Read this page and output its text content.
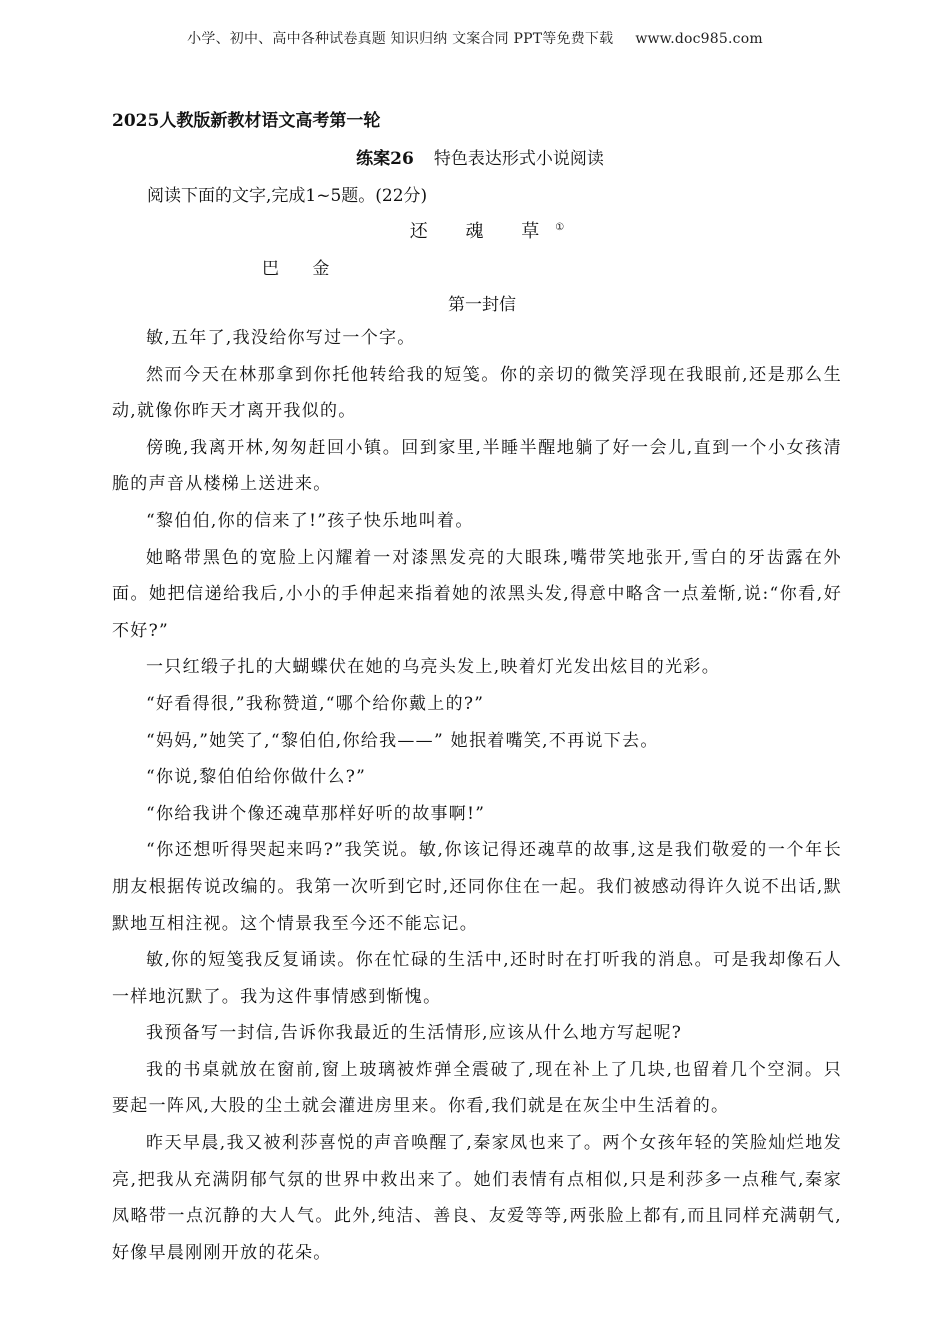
小学、初中、高中各种试卷真题 知识归纳 文案合同 PPT等免费下载 www.doc985.com
2025人教版新教材语文高考第一轮
练案26 特色表达形式小说阅读
阅读下面的文字,完成1~5题。(22分)
还 魂 草①
巴 金
第一封信

敏,五年了,我没给你写过一个字。

然而今天在林那拿到你托他转给我的短笺。你的亲切的微笑浮现在我眼前,还是那么生动,就像你昨天才离开我似的。

傍晚,我离开林,匆匆赶回小镇。回到家里,半睡半醒地躺了好一会儿,直到一个小女孩清脆的声音从楼梯上送进来。

“黎伯伯,你的信来了!”孩子快乐地叫着。

她略带黑色的宽脸上闪耀着一对漆黑发亮的大眼珠,嘴带笑地张开,雪白的牙齿露在外面。她把信递给我后,小小的手伸起来指着她的浓黑头发,得意中略含一点羞惭,说:“你看,好不好?”

一只红缎子扎的大蝴蝶伏在她的乌亮头发上,映着灯光发出炫目的光彩。

“好看得很,”我称赞道,“哪个给你戴上的?”

“妈妈,”她笑了,“黎伯伯,你给我——” 她抿着嘴笑,不再说下去。

“你说,黎伯伯给你做什么?”

“你给我讲个像还魂草那样好听的故事啊!”

“你还想听得哭起来吗?”我笑说。敏,你该记得还魂草的故事,这是我们敬爱的一个年长朋友根据传说改编的。我第一次听到它时,还同你住在一起。我们被感动得许久说不出话,默默地互相注视。这个情景我至今还不能忘记。

敏,你的短笺我反复诵读。你在忙碌的生活中,还时时在打听我的消息。可是我却像石人一样地沉默了。我为这件事情感到惭愧。

我预备写一封信,告诉你我最近的生活情形,应该从什么地方写起呢?

我的书桌就放在窗前,窗上玻璃被炸弹全震破了,现在补上了几块,也留着几个空洞。只要起一阵风,大股的尘土就会灌进房里来。你看,我们就是在灰尘中生活着的。

昨天早晨,我又被利莎喜悦的声音唤醒了,秦家凤也来了。两个女孩年轻的笑脸灿烂地发亮,把我从充满阴郁气氛的世界中救出来了。她们表情有点相似,只是利莎多一点稚气,秦家凤略带一点沉静的大人气。此外,纯洁、善良、友爱等等,两张脸上都有,而且同样充满朝气,好像早晨刚刚开放的花朵。
